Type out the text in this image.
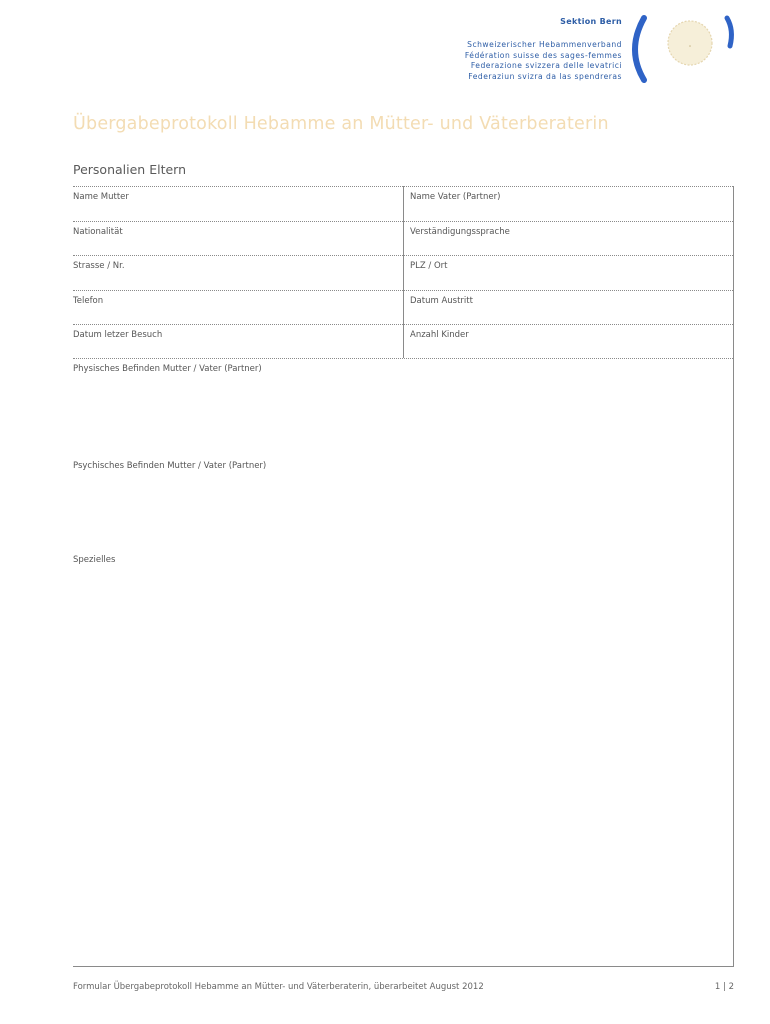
Sektion Bern
Schweizerischer Hebammenverband
Fédération suisse des sages-femmes
Federazione svizzera delle levatrici
Federaziun svizra da las spendreras
Übergabeprotokoll Hebamme an Mütter- und Väterberaterin
Personalien Eltern
Name Mutter	Name Vater (Partner)
Nationalität	Verständigungssprache
Strasse / Nr.	PLZ / Ort
Telefon	Datum Austritt
Datum letzer Besuch	Anzahl Kinder
Physisches Befinden Mutter / Vater (Partner)
Psychisches Befinden Mutter / Vater (Partner)
Spezielles
Formular Übergabeprotokoll Hebamme an Mütter- und Väterberaterin, überarbeitet August 2012	1 | 2
